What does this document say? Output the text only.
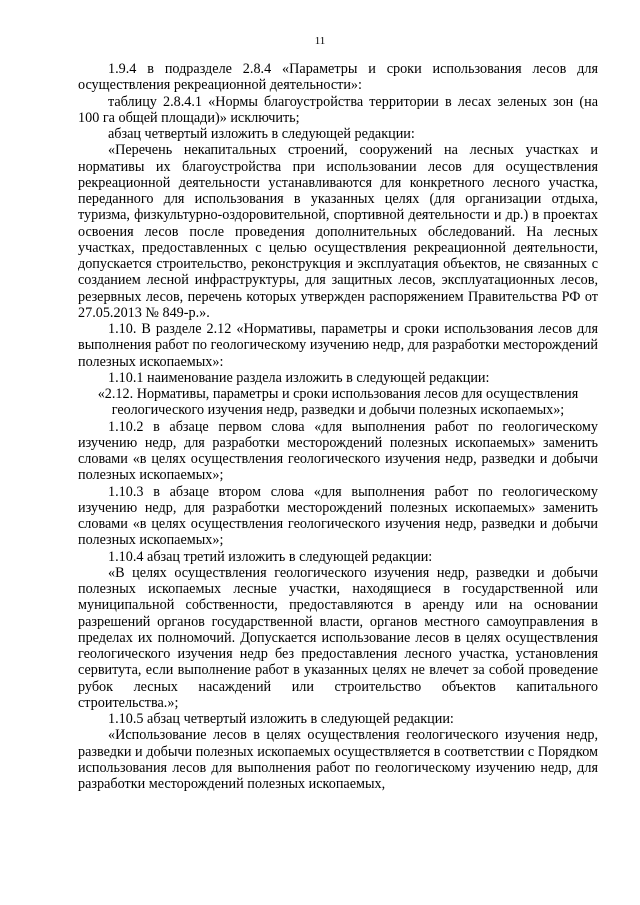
11

1.9.4 в подразделе 2.8.4 «Параметры и сроки использования лесов для осуществления рекреационной деятельности»:

таблицу 2.8.4.1 «Нормы благоустройства территории в лесах зеленых зон (на 100 га общей площади)» исключить;

абзац четвертый изложить в следующей редакции:

«Перечень некапитальных строений, сооружений на лесных участках и нормативы их благоустройства при использовании лесов для осуществления рекреационной деятельности устанавливаются для конкретного лесного участка, переданного для использования в указанных целях (для организации отдыха, туризма, физкультурно-оздоровительной, спортивной деятельности и др.) в проектах освоения лесов после проведения дополнительных обследований. На лесных участках, предоставленных с целью осуществления рекреационной деятельности, допускается строительство, реконструкция и эксплуатация объектов, не связанных с созданием лесной инфраструктуры, для защитных лесов, эксплуатационных лесов, резервных лесов, перечень которых утвержден распоряжением Правительства РФ от 27.05.2013 № 849-р.».

1.10. В разделе 2.12 «Нормативы, параметры и сроки использования лесов для выполнения работ по геологическому изучению недр, для разработки месторождений полезных ископаемых»:

1.10.1 наименование раздела изложить в следующей редакции:

«2.12. Нормативы, параметры и сроки использования лесов для осуществления геологического изучения недр, разведки и добычи полезных ископаемых»;

1.10.2 в абзаце первом слова «для выполнения работ по геологическому изучению недр, для разработки месторождений полезных ископаемых» заменить словами «в целях осуществления геологического изучения недр, разведки и добычи полезных ископаемых»;

1.10.3 в абзаце втором слова «для выполнения работ по геологическому изучению недр, для разработки месторождений полезных ископаемых» заменить словами «в целях осуществления геологического изучения недр, разведки и добычи полезных ископаемых»;

1.10.4 абзац третий изложить в следующей редакции:

«В целях осуществления геологического изучения недр, разведки и добычи полезных ископаемых лесные участки, находящиеся в государственной или муниципальной собственности, предоставляются в аренду или на основании разрешений органов государственной власти, органов местного самоуправления в пределах их полномочий. Допускается использование лесов в целях осуществления геологического изучения недр без предоставления лесного участка, установления сервитута, если выполнение работ в указанных целях не влечет за собой проведение рубок лесных насаждений или строительство объектов капитального строительства.»;

1.10.5 абзац четвертый изложить в следующей редакции:

«Использование лесов в целях осуществления геологического изучения недр, разведки и добычи полезных ископаемых осуществляется в соответствии с Порядком использования лесов для выполнения работ по геологическому изучению недр, для разработки месторождений полезных ископаемых,
